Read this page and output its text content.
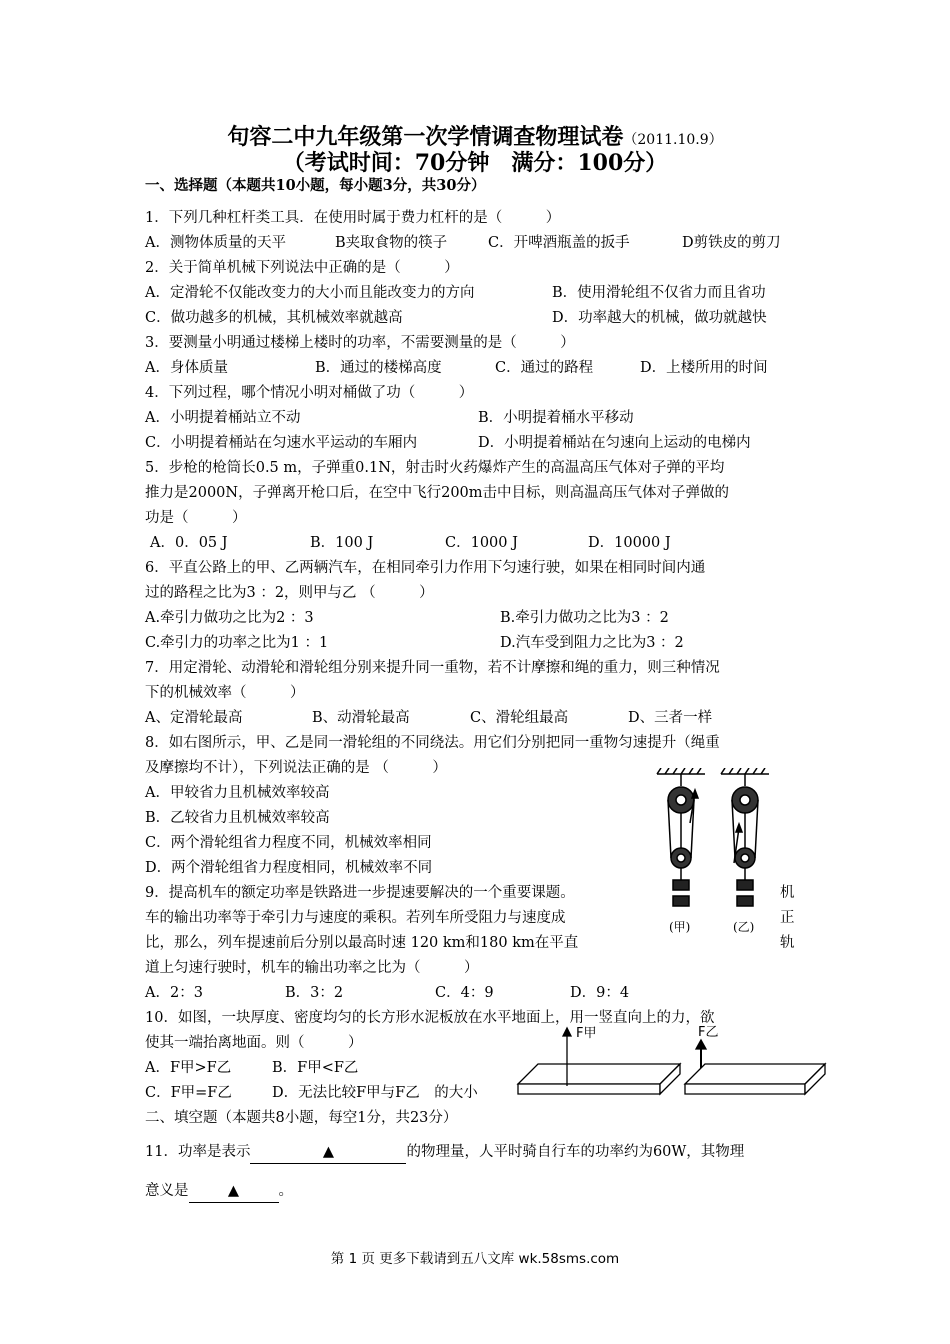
句容二中九年级第一次学情调查物理试卷（2011.10.9）
（考试时间：70分钟　满分：100分）
一、选择题（本题共10小题，每小题3分，共30分）
1．下列几种杠杆类工具．在使用时属于费力杠杆的是（　　　）
A．测物体质量的天平	B夹取食物的筷子	C．开啤酒瓶盖的扳手	D剪铁皮的剪刀
2．关于简单机械下列说法中正确的是（　　　）
A．定滑轮不仅能改变力的大小而且能改变力的方向	B．使用滑轮组不仅省力而且省功
C．做功越多的机械，其机械效率就越高	D．功率越大的机械，做功就越快
3．要测量小明通过楼梯上楼时的功率，不需要测量的是（　　　）
A．身体质量	B．通过的楼梯高度	C．通过的路程	D．上楼所用的时间
4．下列过程，哪个情况小明对桶做了功（　　　）
A．小明提着桶站立不动	B．小明提着桶水平移动
C．小明提着桶站在匀速水平运动的车厢内	D．小明提着桶站在匀速向上运动的电梯内
5．步枪的枪筒长0.5 m，子弹重0.1N，射击时火药爆炸产生的高温高压气体对子弹的平均
推力是2000N，子弹离开枪口后，在空中飞行200m击中目标，则高温高压气体对子弹做的
功是（　　　）
A．0．05 J	B．100 J	C．1000 J	D．10000 J
6．平直公路上的甲、乙两辆汽车，在相同牵引力作用下匀速行驶，如果在相同时间内通
过的路程之比为3 ：2，则甲与乙 （　　　）
A.牵引力做功之比为2 ：3	B.牵引力做功之比为3 ：2
C.牵引力的功率之比为1 ：1	D.汽车受到阻力之比为3 ：2
7．用定滑轮、动滑轮和滑轮组分别来提升同一重物，若不计摩擦和绳的重力，则三种情况
下的机械效率（　　　）
A、定滑轮最高	B、动滑轮最高	C、滑轮组最高	D、三者一样
8．如右图所示，甲、乙是同一滑轮组的不同绕法。用它们分别把同一重物匀速提升（绳重
及摩擦均不计），下列说法正确的是 （　　　）
A．甲较省力且机械效率较高
B．乙较省力且机械效率较高
C．两个滑轮组省力程度不同，机械效率相同
D．两个滑轮组省力程度相同，机械效率不同
(甲)	(乙)
9．提高机车的额定功率是铁路进一步提速要解决的一个重要课题。	机
车的输出功率等于牵引力与速度的乘积。若列车所受阻力与速度成	正
比，那么，列车提速前后分别以最高时速 120 km和180 km在平直	轨
道上匀速行驶时，机车的输出功率之比为（　　　）
A．2：3	B．3：2	C．4：9	D．9：4
10．如图，一块厚度、密度均匀的长方形水泥板放在水平地面上，用一竖直向上的力，欲
使其一端抬离地面。则（　　　）
A．F甲>F乙	B．F甲<F乙
C．F甲=F乙	D．无法比较F甲与F乙　的大小
F甲	F乙
二、填空题（本题共8小题，每空1分，共23分）
11．功率是表示	▲	的物理量，人平时骑自行车的功率约为60W，其物理
意义是	▲	。
第 1 页 更多下载请到五八文库 wk.58sms.com
